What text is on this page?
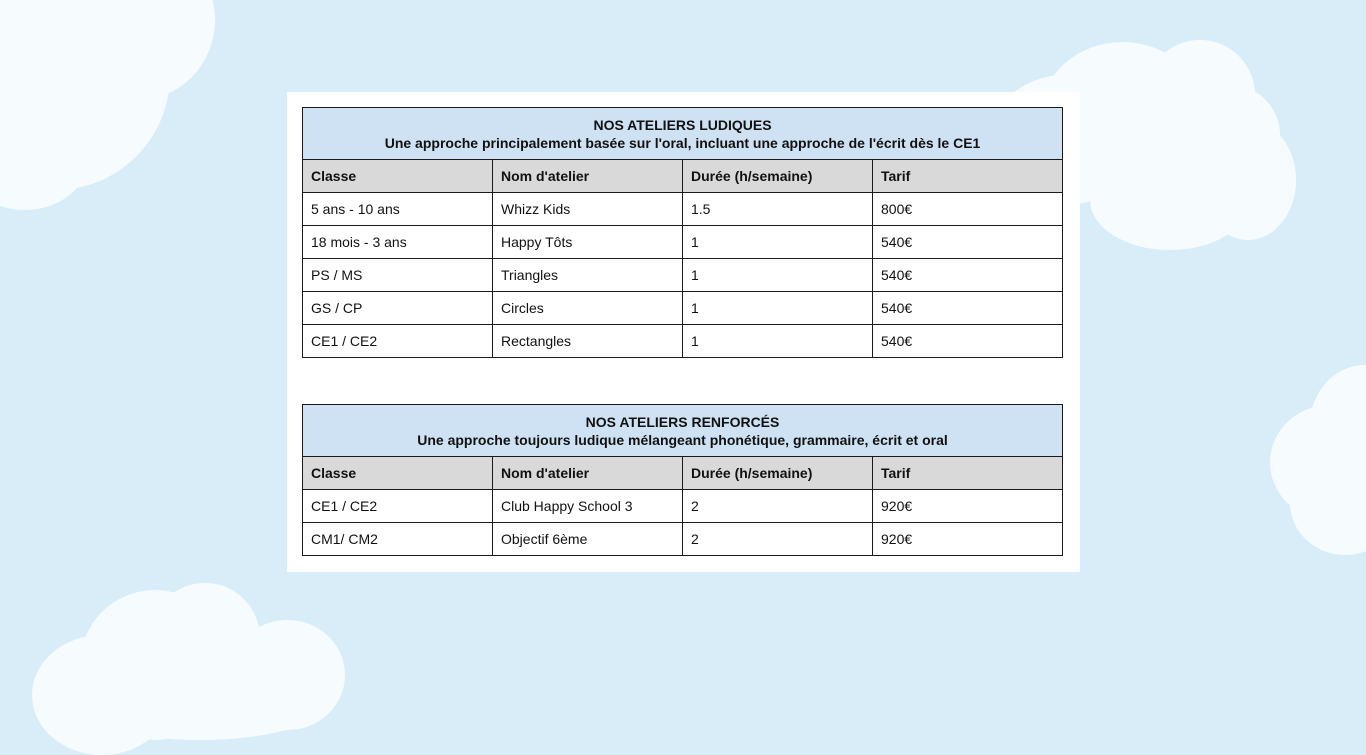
NOS ATELIERS LUDIQUES
Une approche principalement basée sur l'oral, incluant une approche de l'écrit dès le CE1			

Classe	Nom d'atelier	Durée (h/semaine)	Tarif
5 ans - 10 ans	Whizz Kids	1.5	800€
18 mois - 3 ans	Happy Tôts	1	540€
PS / MS	Triangles	1	540€
GS / CP	Circles	1	540€
CE1 / CE2	Rectangles	1	540€
NOS ATELIERS RENFORCÉS
Une approche toujours ludique mélangeant phonétique, grammaire, écrit et oral			

Classe	Nom d'atelier	Durée (h/semaine)	Tarif
CE1 / CE2	Club Happy School 3	2	920€
CM1/ CM2	Objectif 6ème	2	920€
